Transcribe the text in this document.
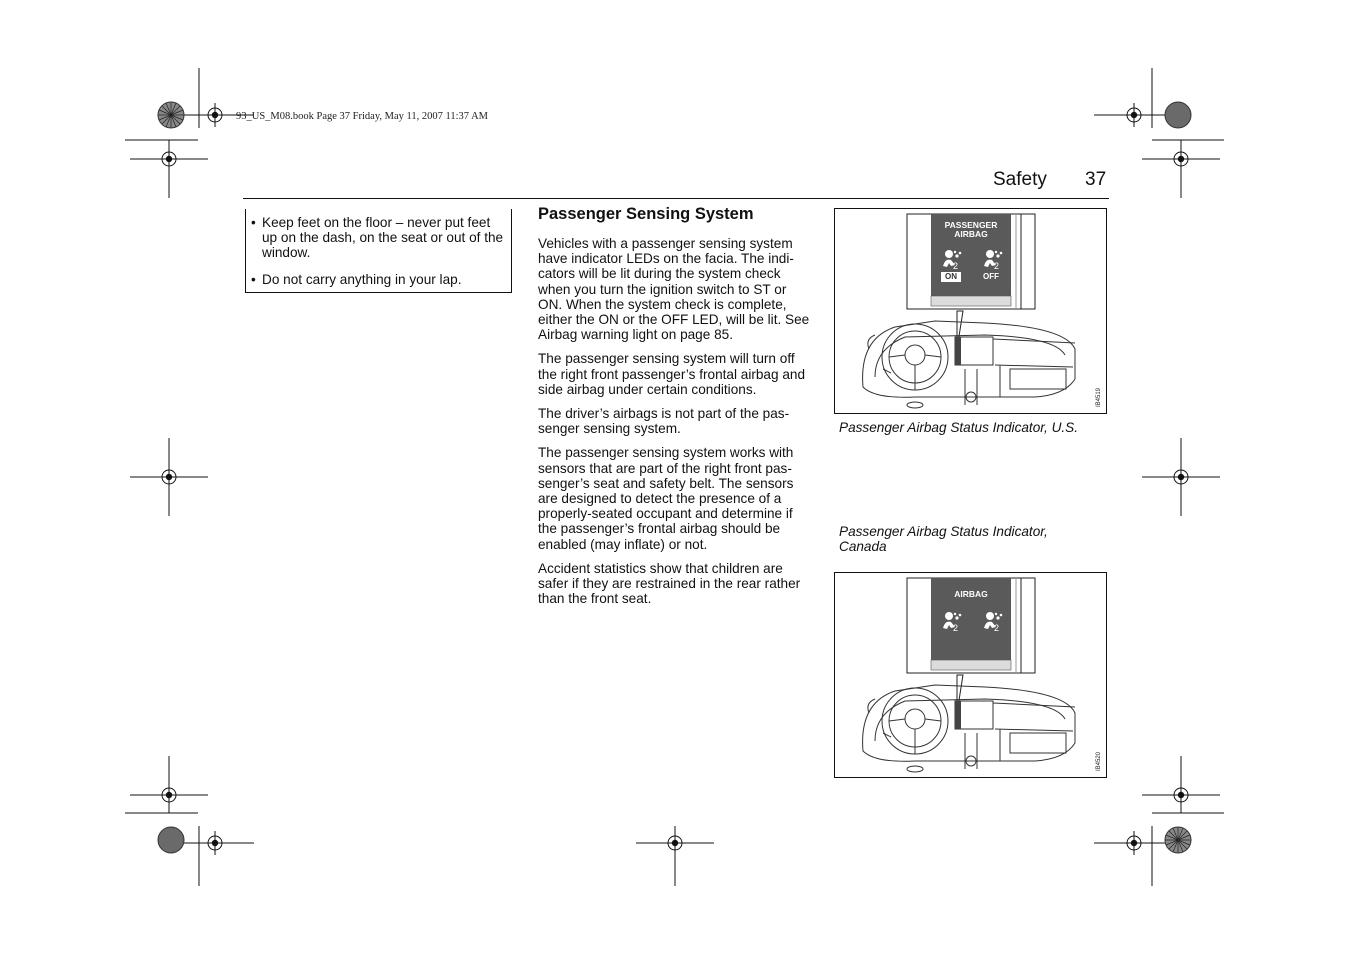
93_US_M08.book Page 37 Friday, May 11, 2007 11:37 AM
Safety 37
• Keep feet on the floor – never put feet up on the dash, on the seat or out of the window.
• Do not carry anything in your lap.
Passenger Sensing System

Vehicles with a passenger sensing system have indicator LEDs on the facia. The indi-cators will be lit during the system check when you turn the ignition switch to ST or ON. When the system check is complete, either the ON or the OFF LED, will be lit. See Airbag warning light on page 85.

The passenger sensing system will turn off the right front passenger’s frontal airbag and side airbag under certain conditions.

The driver’s airbags is not part of the pas-senger sensing system.

The passenger sensing system works with sensors that are part of the right front pas-senger’s seat and safety belt. The sensors are designed to detect the presence of a properly-seated occupant and determine if the passenger’s frontal airbag should be enabled (may inflate) or not.

Accident statistics show that children are safer if they are restrained in the rear rather than the front seat.

2	2
IB4519
PASSENGER
AIRBAG
ON	OFF
Passenger Airbag Status Indicator, U.S.
Passenger Airbag Status Indicator, Canada
2	2
IB4520
AIRBAG
